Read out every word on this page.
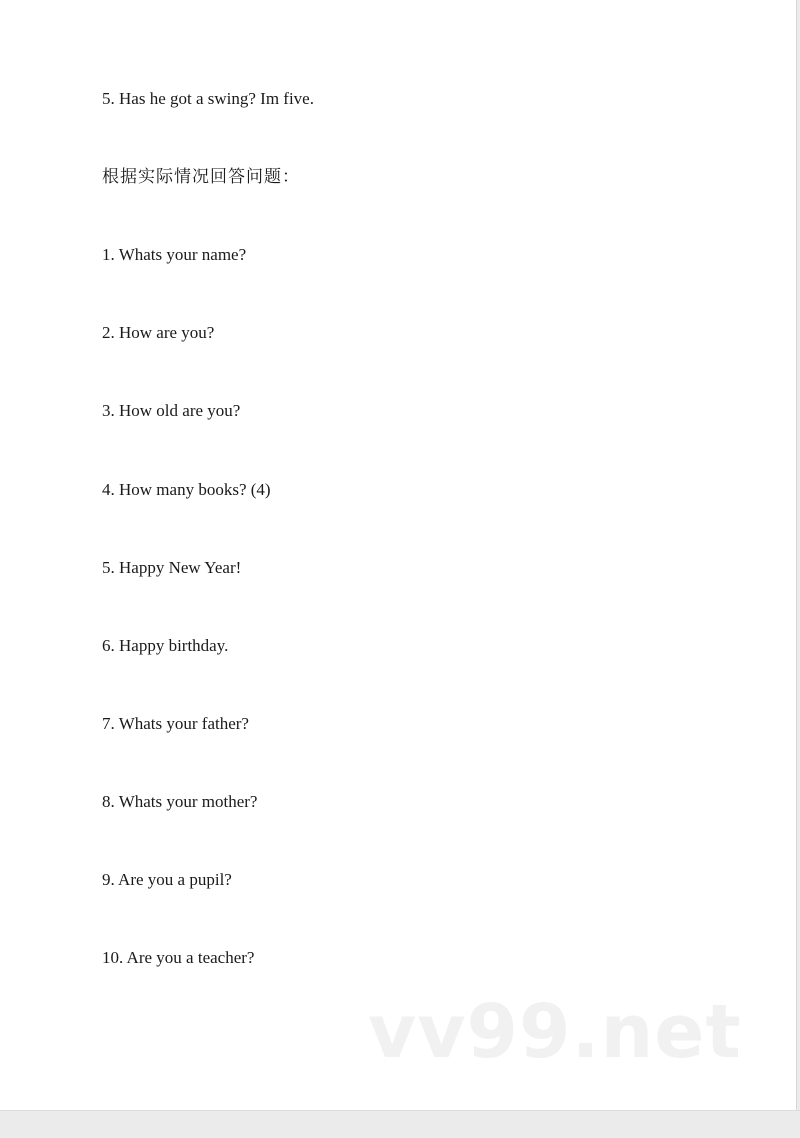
5. Has he got a swing? Im five.
根据实际情况回答问题：
1. Whats your name?
2. How are you?
3. How old are you?
4. How many books? (4)
5. Happy New Year!
6. Happy birthday.
7. Whats your father?
8. Whats your mother?
9. Are you a pupil?
10. Are you a teacher?
vv99.net
